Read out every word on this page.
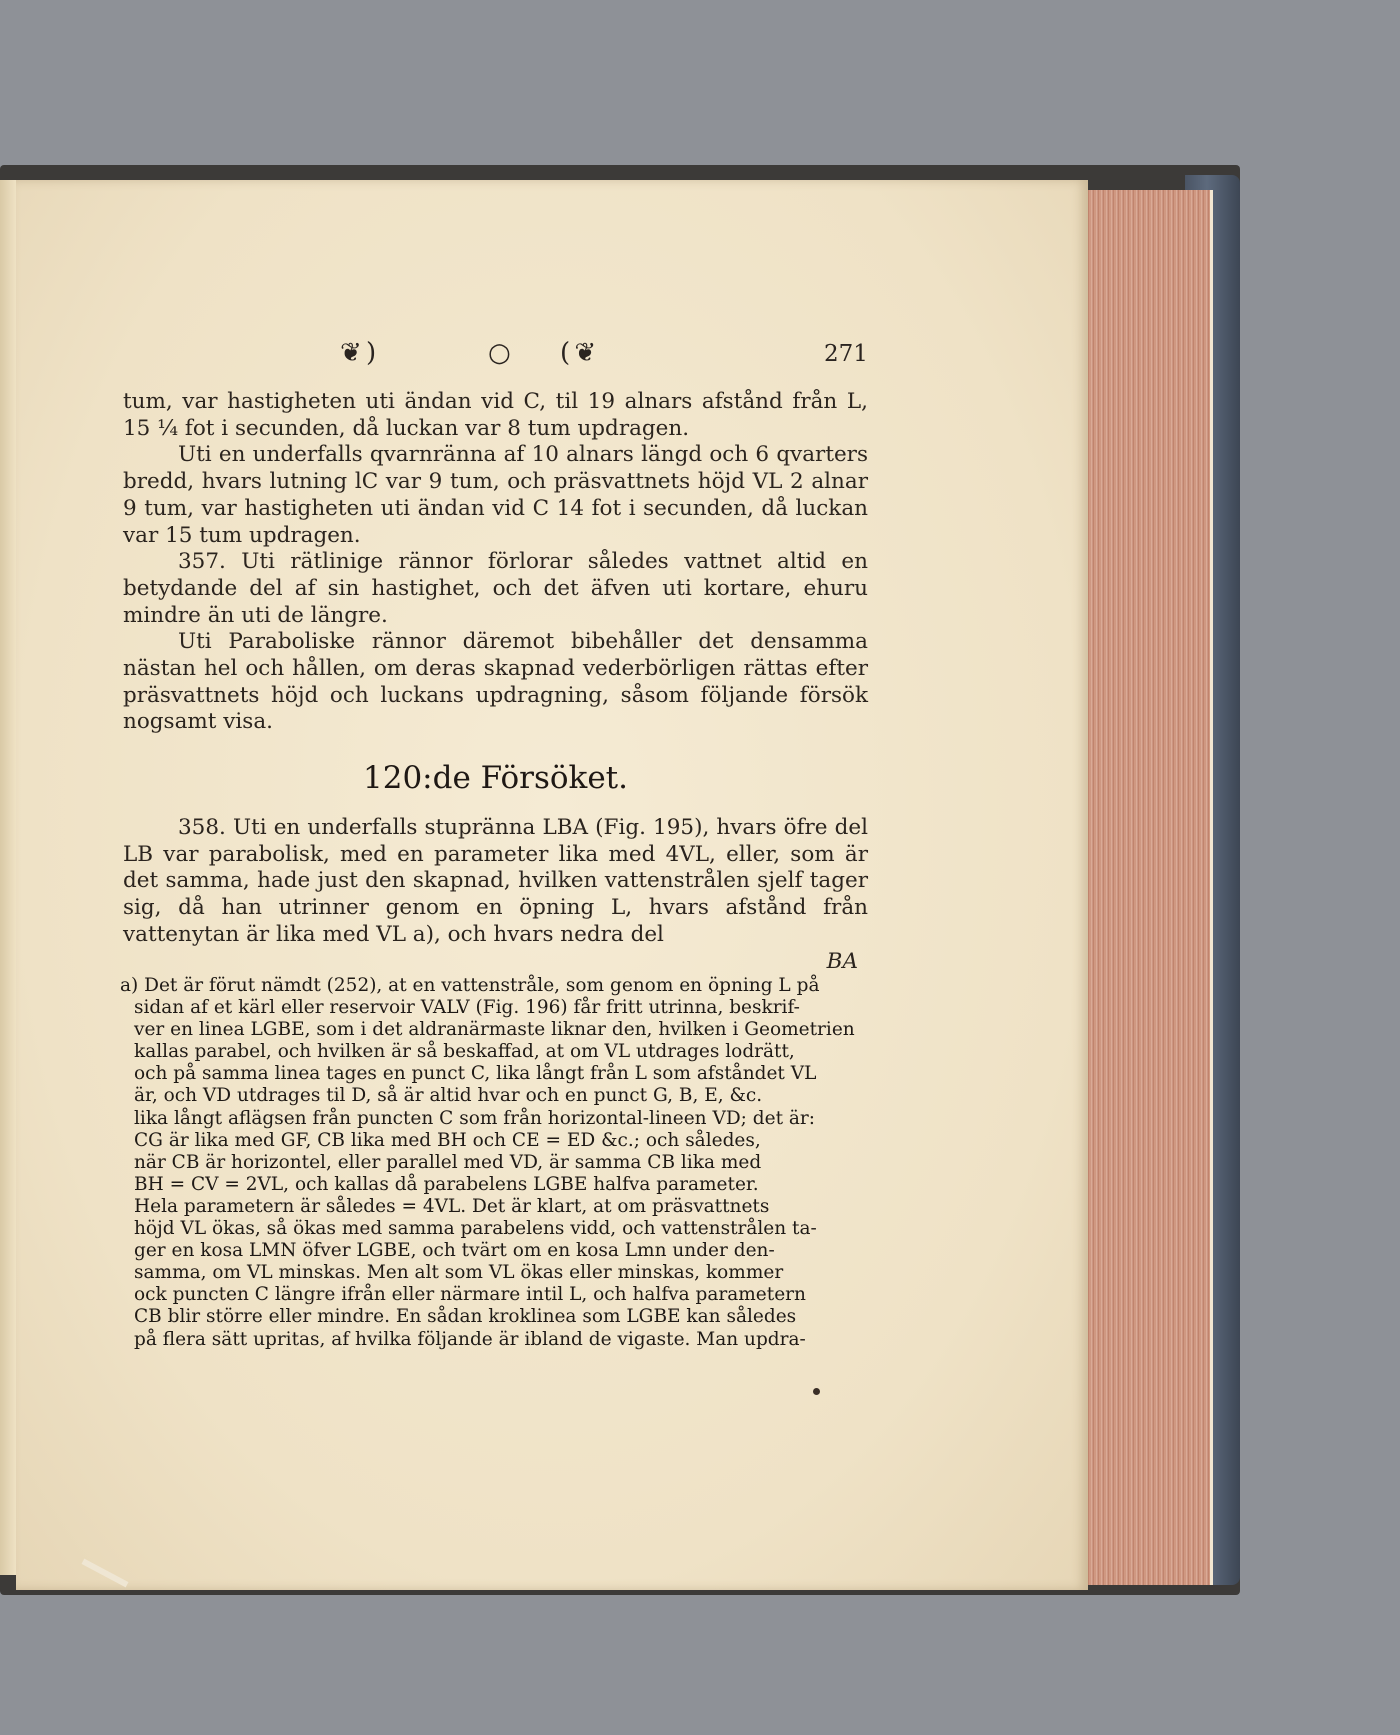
❦ )	○ ( ❦	271

tum, var hastigheten uti ändan vid C, til 19 alnars afstånd från L, 15 ¼ fot i secunden, då luckan var 8 tum updragen.

Uti en underfalls qvarnränna af 10 alnars längd och 6 qvarters bredd, hvars lutning lC var 9 tum, och präsvattnets höjd VL 2 alnar 9 tum, var hastigheten uti ändan vid C 14 fot i secunden, då luckan var 15 tum updragen.

357. Uti rätlinige rännor förlorar således vattnet altid en betydande del af sin hastighet, och det äfven uti kortare, ehuru mindre än uti de längre.

Uti Paraboliske rännor däremot bibehåller det densamma nästan hel och hållen, om deras skapnad vederbörligen rättas efter präsvattnets höjd och luckans updragning, såsom följande försök nogsamt visa.

120:de Försöket.

358. Uti en underfalls stupränna LBA (Fig. 195), hvars öfre del LB var parabolisk, med en parameter lika med 4VL, eller, som är det samma, hade just den skapnad, hvilken vattenstrålen sjelf tager sig, då han utrinner genom en öpning L, hvars afstånd från vattenytan är lika med VL a), och hvars nedra del

BA

a) Det är förut nämdt (252), at en vattenstråle, som genom en öpning L på

sidan af et kärl eller reservoir VALV (Fig. 196) får fritt utrinna, beskrif-

ver en linea LGBE, som i det aldranärmaste liknar den, hvilken i Geometrien

kallas parabel, och hvilken är så beskaffad, at om VL utdrages lodrätt,

och på samma linea tages en punct C, lika långt från L som afståndet VL

är, och VD utdrages til D, så är altid hvar och en punct G, B, E, &c.

lika långt aflägsen från puncten C som från horizontal-lineen VD; det är:

CG är lika med GF, CB lika med BH och CE = ED &c.; och således,

när CB är horizontel, eller parallel med VD, är samma CB lika med

BH = CV = 2VL, och kallas då parabelens LGBE halfva parameter.

Hela parametern är således = 4VL. Det är klart, at om präsvattnets

höjd VL ökas, så ökas med samma parabelens vidd, och vattenstrålen ta-

ger en kosa LMN öfver LGBE, och tvärt om en kosa Lmn under den-

samma, om VL minskas. Men alt som VL ökas eller minskas, kommer

ock puncten C längre ifrån eller närmare intil L, och halfva parametern

CB blir större eller mindre. En sådan kroklinea som LGBE kan således

på flera sätt upritas, af hvilka följande är ibland de vigaste. Man updra-
